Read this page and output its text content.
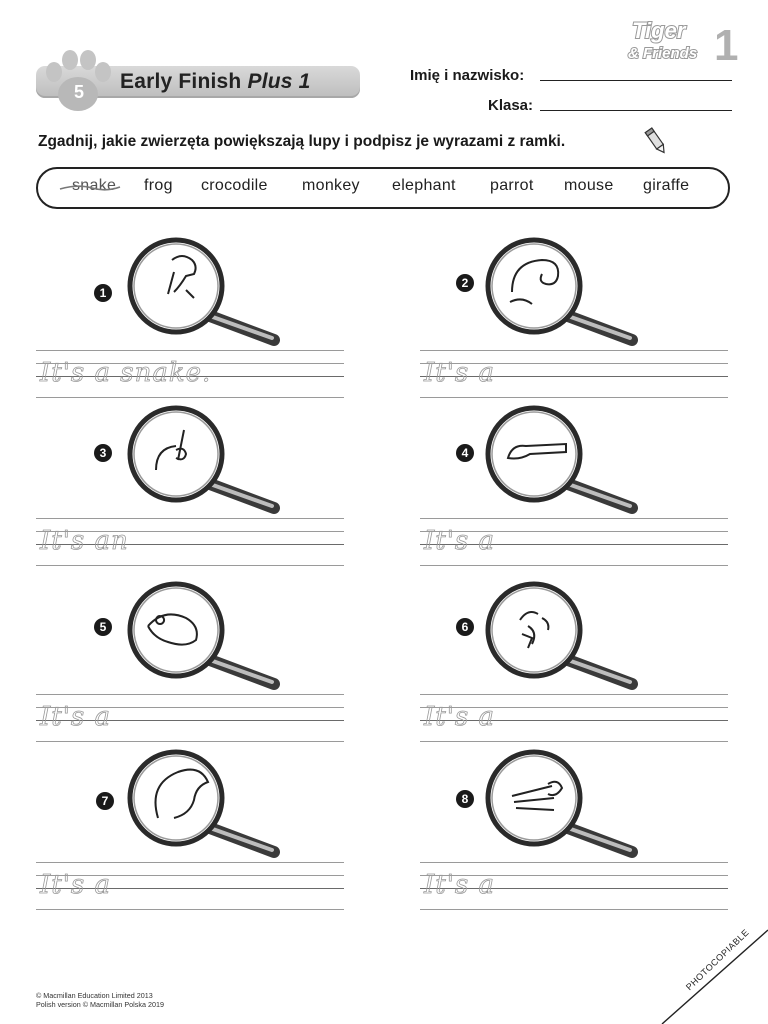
5	Early Finish Plus 1
Tiger
& Friends 1
Imię i nazwisko:
Klasa:
Zgadnij, jakie zwierzęta powiększają lupy i podpisz je wyrazami z ramki.
snake frog crocodile monkey elephant parrot mouse giraffe
1
It's a snake.
2
It's a
3
It's an
4
It's a
5
It's a
6
It's a
7
It's a
8
It's a
© Macmillan Education Limited 2013
Polish version © Macmillan Polska 2019
PHOTOCOPIABLE
